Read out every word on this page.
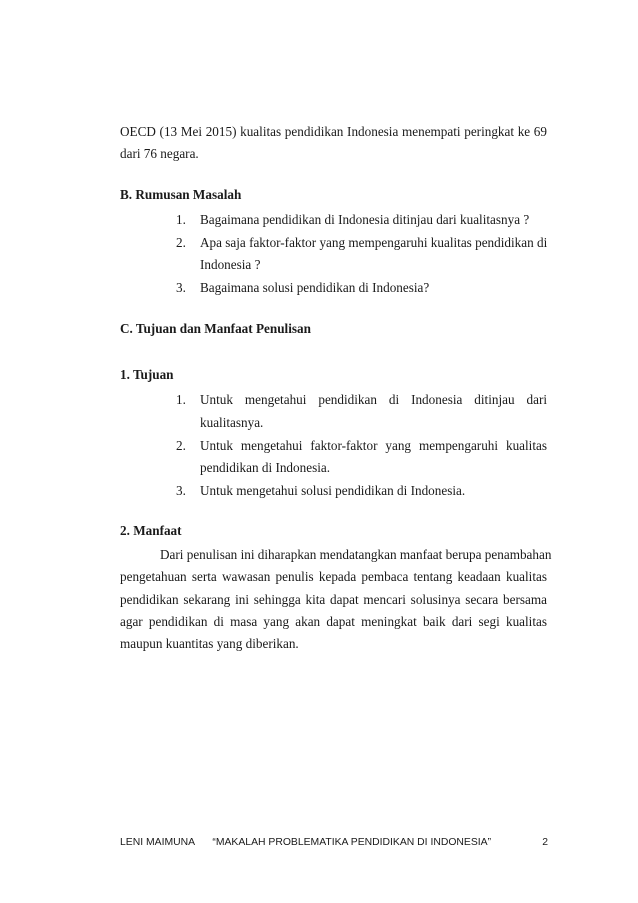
OECD (13 Mei 2015) kualitas pendidikan Indonesia menempati peringkat ke 69
dari 76 negara.
B. Rumusan Masalah
1. Bagaimana pendidikan di Indonesia ditinjau dari kualitasnya ?
2. Apa saja faktor-faktor yang mempengaruhi kualitas pendidikan di
Indonesia ?
3. Bagaimana solusi pendidikan di Indonesia?
C. Tujuan dan Manfaat Penulisan
1. Tujuan
1. Untuk mengetahui pendidikan di Indonesia ditinjau dari
kualitasnya.
2. Untuk mengetahui faktor-faktor yang mempengaruhi kualitas
pendidikan di Indonesia.
3. Untuk mengetahui solusi pendidikan di Indonesia.
2. Manfaat
Dari penulisan ini diharapkan mendatangkan manfaat berupa penambahan
pengetahuan serta wawasan penulis kepada pembaca tentang keadaan kualitas
pendidikan sekarang ini sehingga kita dapat mencari solusinya secara bersama
agar pendidikan di masa yang akan dapat meningkat baik dari segi kualitas
maupun kuantitas yang diberikan.
LENI MAIMUNA “MAKALAH PROBLEMATIKA PENDIDIKAN DI INDONESIA”	2
